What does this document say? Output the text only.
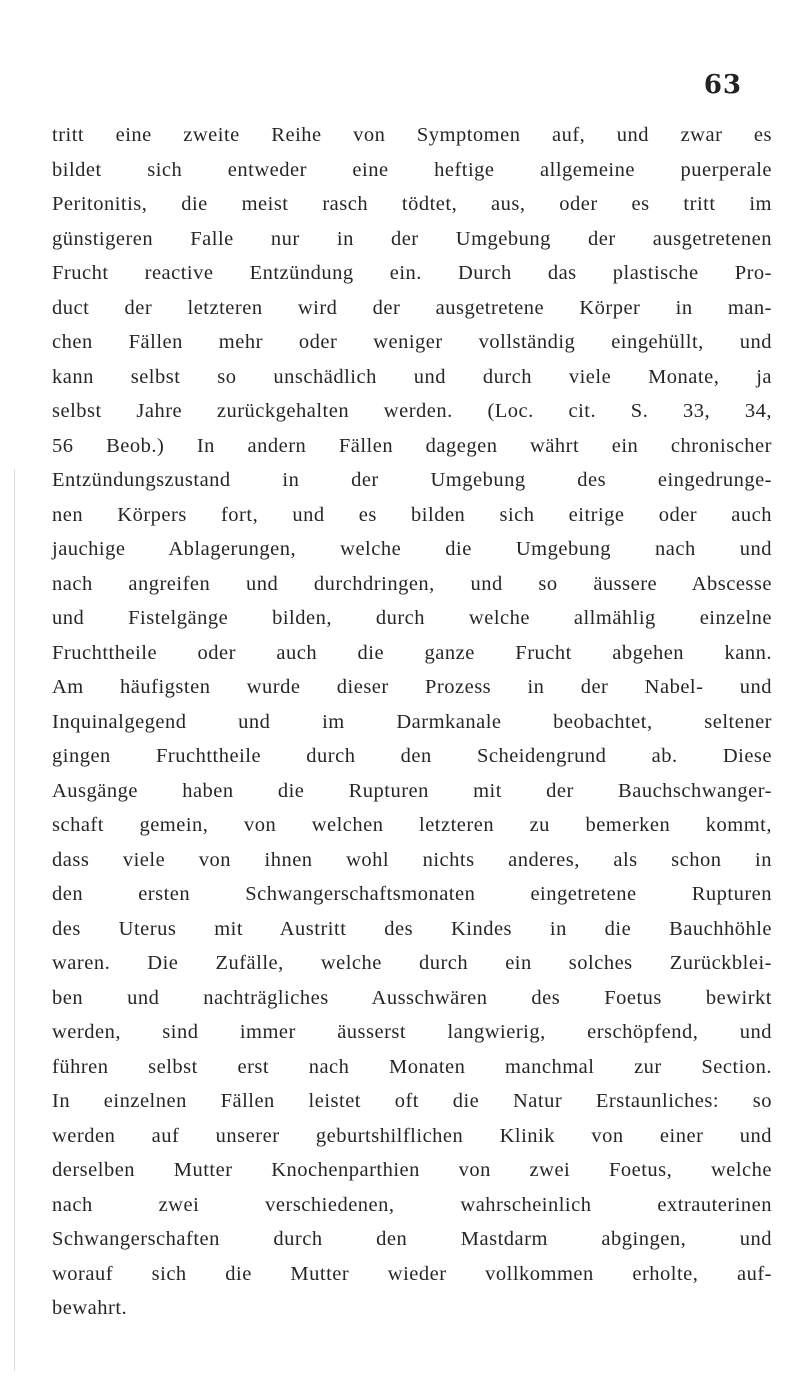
63
tritt eine zweite Reihe von Symptomen auf, und zwar es
bildet sich entweder eine heftige allgemeine puerperale
Peritonitis, die meist rasch tödtet, aus, oder es tritt im
günstigeren Falle nur in der Umgebung der ausgetretenen
Frucht reactive Entzündung ein. Durch das plastische Pro-
duct der letzteren wird der ausgetretene Körper in man-
chen Fällen mehr oder weniger vollständig eingehüllt, und
kann selbst so unschädlich und durch viele Monate, ja
selbst Jahre zurückgehalten werden. (Loc. cit. S. 33, 34,
56 Beob.) In andern Fällen dagegen währt ein chronischer
Entzündungszustand in der Umgebung des eingedrunge-
nen Körpers fort, und es bilden sich eitrige oder auch
jauchige Ablagerungen, welche die Umgebung nach und
nach angreifen und durchdringen, und so äussere Abscesse
und Fistelgänge bilden, durch welche allmählig einzelne
Fruchttheile oder auch die ganze Frucht abgehen kann.
Am häufigsten wurde dieser Prozess in der Nabel- und
Inquinalgegend und im Darmkanale beobachtet, seltener
gingen Fruchttheile durch den Scheidengrund ab. Diese
Ausgänge haben die Rupturen mit der Bauchschwanger-
schaft gemein, von welchen letzteren zu bemerken kommt,
dass viele von ihnen wohl nichts anderes, als schon in
den ersten Schwangerschaftsmonaten eingetretene Rupturen
des Uterus mit Austritt des Kindes in die Bauchhöhle
waren. Die Zufälle, welche durch ein solches Zurückblei-
ben und nachträgliches Ausschwären des Foetus bewirkt
werden, sind immer äusserst langwierig, erschöpfend, und
führen selbst erst nach Monaten manchmal zur Section.
In einzelnen Fällen leistet oft die Natur Erstaunliches: so
werden auf unserer geburtshilflichen Klinik von einer und
derselben Mutter Knochenparthien von zwei Foetus, welche
nach zwei verschiedenen, wahrscheinlich extrauterinen
Schwangerschaften durch den Mastdarm abgingen, und
worauf sich die Mutter wieder vollkommen erholte, auf-
bewahrt.
